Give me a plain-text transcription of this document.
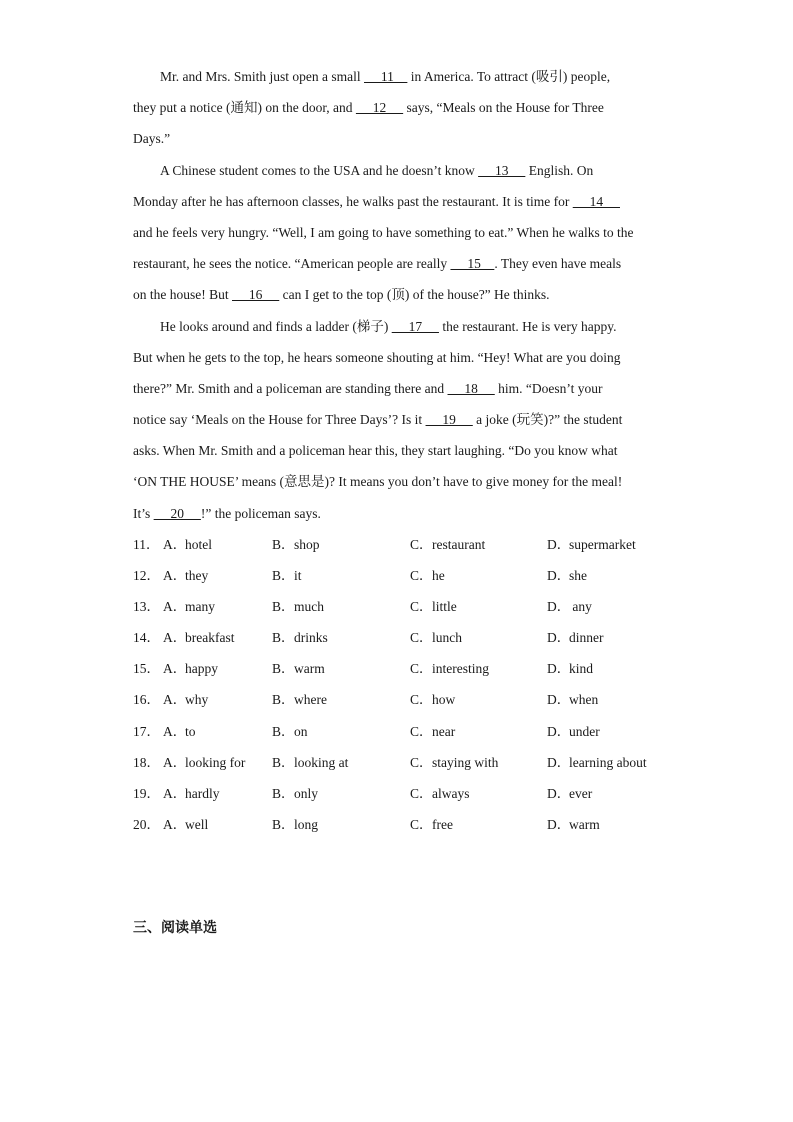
Mr. and Mrs. Smith just open a small      11     in America. To attract (吸引) people,
they put a notice (通知) on the door, and      12      says, “Meals on the House for Three
Days.”
A Chinese student comes to the USA and he doesn’t know      13      English. On
Monday after he has afternoon classes, he walks past the restaurant. It is time for      14
and he feels very hungry. “Well, I am going to have something to eat.” When he walks to the
restaurant, he sees the notice. “American people are really      15    . They even have meals
on the house! But      16      can I get to the top (顶) of the house?” He thinks.
He looks around and finds a ladder (梯子)      17      the restaurant. He is very happy.
But when he gets to the top, he hears someone shouting at him. “Hey! What are you doing
there?” Mr. Smith and a policeman are standing there and      18      him. “Doesn’t your
notice say ‘Meals on the House for Three Days’? Is it      19      a joke (玩笑)?” the student
asks. When Mr. Smith and a policeman hear this, they start laughing. “Do you know what
‘ON THE HOUSE’ means (意思是)? It means you don’t have to give money for the meal!
It’s      20     !” the policeman says.
11． A．hotel	B．shop	C．restaurant	D．supermarket
12． A．they	B．it	C．he	D．she
13． A．many	B．much	C．little	D． any
14． A．breakfast	B．drinks	C．lunch	D．dinner
15． A．happy	B．warm	C．interesting	D．kind
16． A．why	B．where	C．how	D．when
17． A．to	B．on	C．near	D．under
18． A．looking for B．looking at	C．staying with	D．learning about
19． A．hardly	B．only	C．always	D．ever
20． A．well	B．long	C．free	D．warm
三、阅读单选
